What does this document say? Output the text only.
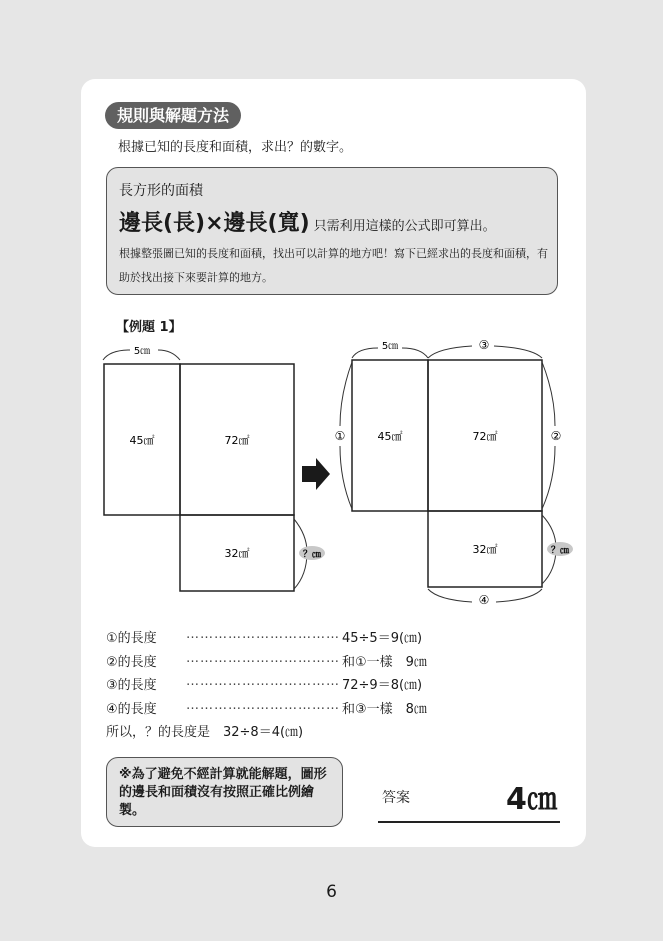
規則與解題方法
根據已知的長度和面積，求出？的數字。
長方形的面積
邊長(長)×邊長(寬) 只需利用這樣的公式即可算出。
根據整張圖已知的長度和面積，找出可以計算的地方吧！寫下已經求出的長度和面積，有助於找出接下來要計算的地方。
【例題 1】
5㎝
45㎠	72㎠
32㎠	？㎝
5㎝	③
45㎠	72㎠
32㎠
①	②
？㎝
④
①的長度 …………………………… 45÷5＝9(㎝)
②的長度 …………………………… 和①一樣　9㎝
③的長度 …………………………… 72÷9＝8(㎝)
④的長度 …………………………… 和③一樣　8㎝
所以，？的長度是　32÷8＝4(㎝)
※為了避免不經計算就能解題，圖形的邊長和面積沒有按照正確比例繪製。
答案	4㎝
6
